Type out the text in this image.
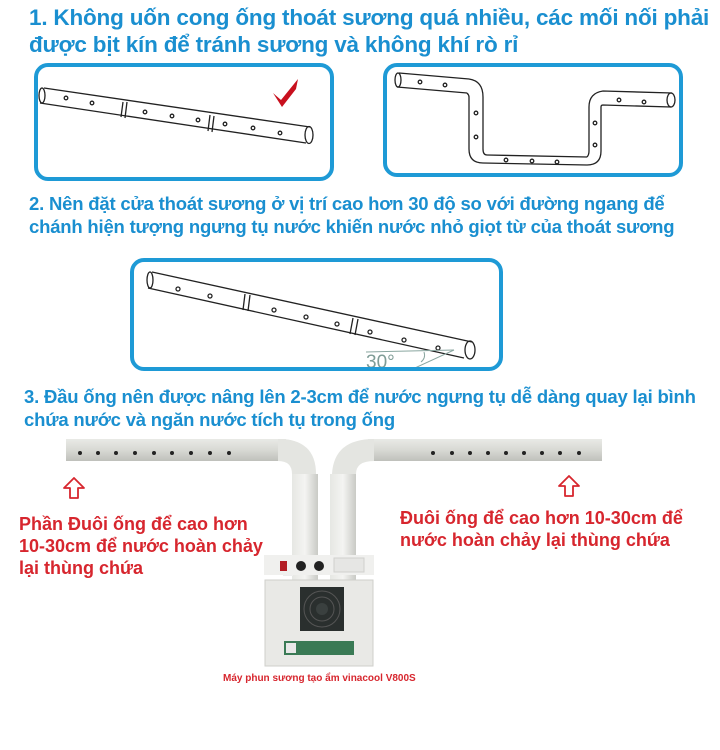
1. Không uốn cong ống thoát sương quá nhiều, các mối nối phải được bịt kín để tránh sương và không khí rò rỉ
2. Nên đặt cửa thoát sương ở vị trí cao hơn 30 độ so với đường ngang để chánh hiện tượng ngưng tụ nước khiến nước nhỏ giọt từ của thoát sương
30°
3. Đầu ống nên được nâng lên 2-3cm để nước ngưng tụ dễ dàng quay lại bình chứa nước và ngăn nước tích tụ trong ống
Phần Đuôi ống để cao hơn 10-30cm để nước hoàn chảy lại thùng chứa
Đuôi ống để cao hơn 10-30cm để nước hoàn chảy lại thùng chứa
Máy phun sương tạo ẩm vinacool V800S
